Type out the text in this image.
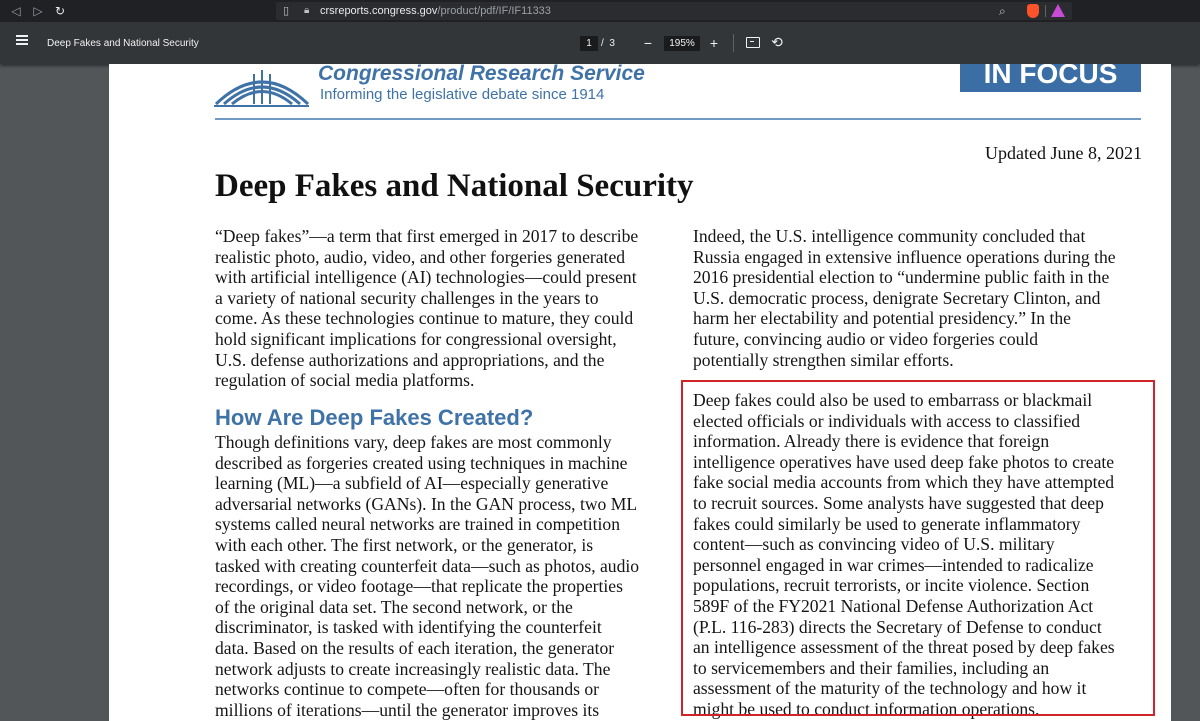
◁ ▷ ↻	▯	🔒︎ crsreports.congress.gov/product/pdf/IF/IF11333	⌕
Deep Fakes and National Security	1 / 3 −	195%	+	⟲
Congressional Research Service
Informing the legislative debate since 1914
IN FOCUS
Updated June 8, 2021
Deep Fakes and National Security
“Deep fakes”—a term that first emerged in 2017 to describe
realistic photo, audio, video, and other forgeries generated
with artificial intelligence (AI) technologies—could present
a variety of national security challenges in the years to
come. As these technologies continue to mature, they could
hold significant implications for congressional oversight,
U.S. defense authorizations and appropriations, and the
regulation of social media platforms.
How Are Deep Fakes Created?
Though definitions vary, deep fakes are most commonly
described as forgeries created using techniques in machine
learning (ML)—a subfield of AI—especially generative
adversarial networks (GANs). In the GAN process, two ML
systems called neural networks are trained in competition
with each other. The first network, or the generator, is
tasked with creating counterfeit data—such as photos, audio
recordings, or video footage—that replicate the properties
of the original data set. The second network, or the
discriminator, is tasked with identifying the counterfeit
data. Based on the results of each iteration, the generator
network adjusts to create increasingly realistic data. The
networks continue to compete—often for thousands or
millions of iterations—until the generator improves its
Indeed, the U.S. intelligence community concluded that
Russia engaged in extensive influence operations during the
2016 presidential election to “undermine public faith in the
U.S. democratic process, denigrate Secretary Clinton, and
harm her electability and potential presidency.” In the
future, convincing audio or video forgeries could
potentially strengthen similar efforts.
Deep fakes could also be used to embarrass or blackmail
elected officials or individuals with access to classified
information. Already there is evidence that foreign
intelligence operatives have used deep fake photos to create
fake social media accounts from which they have attempted
to recruit sources. Some analysts have suggested that deep
fakes could similarly be used to generate inflammatory
content—such as convincing video of U.S. military
personnel engaged in war crimes—intended to radicalize
populations, recruit terrorists, or incite violence. Section
589F of the FY2021 National Defense Authorization Act
(P.L. 116-283) directs the Secretary of Defense to conduct
an intelligence assessment of the threat posed by deep fakes
to servicemembers and their families, including an
assessment of the maturity of the technology and how it
might be used to conduct information operations.
